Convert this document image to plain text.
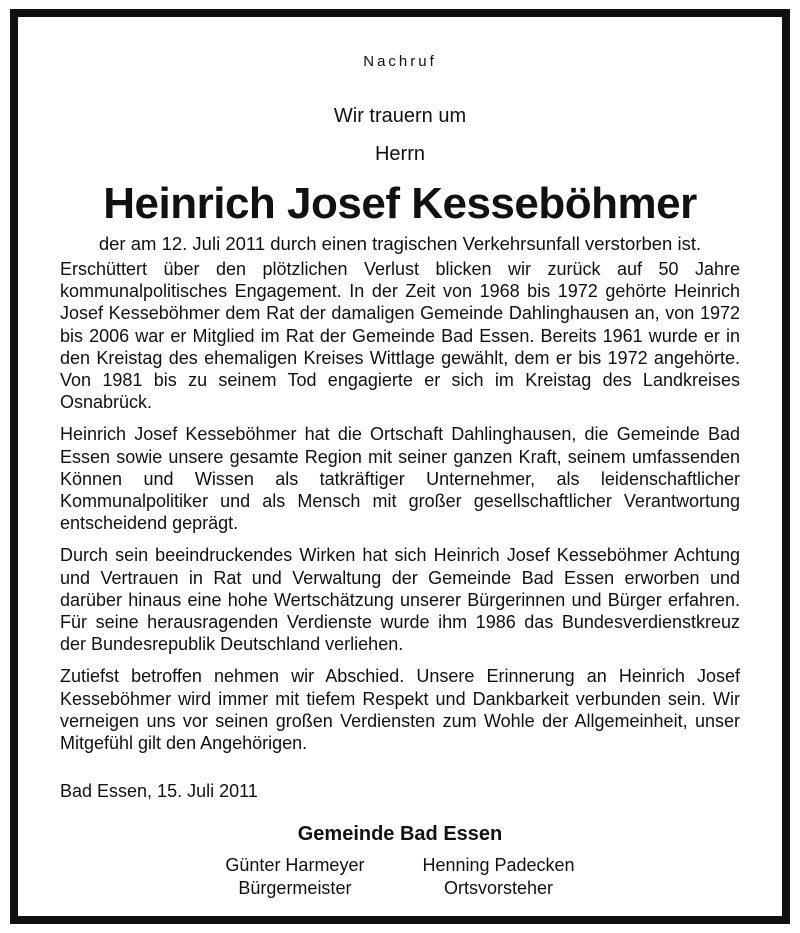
Nachruf
Wir trauern um
Herrn
Heinrich Josef Kesseböhmer
der am 12. Juli 2011 durch einen tragischen Verkehrsunfall verstorben ist.

Erschüttert über den plötzlichen Verlust blicken wir zurück auf 50 Jahre kommunalpolitisches Engagement. In der Zeit von 1968 bis 1972 gehörte Heinrich Josef Kesseböhmer dem Rat der damaligen Gemeinde Dahlinghausen an, von 1972 bis 2006 war er Mitglied im Rat der Gemeinde Bad Essen. Bereits 1961 wurde er in den Kreistag des ehemaligen Kreises Wittlage gewählt, dem er bis 1972 angehörte. Von 1981 bis zu seinem Tod engagierte er sich im Kreistag des Landkreises Osnabrück.

Heinrich Josef Kesseböhmer hat die Ortschaft Dahlinghausen, die Gemeinde Bad Essen sowie unsere gesamte Region mit seiner ganzen Kraft, seinem umfassenden Können und Wissen als tatkräftiger Unternehmer, als leidenschaftlicher Kommunalpolitiker und als Mensch mit großer gesellschaftlicher Verantwortung entscheidend geprägt.

Durch sein beeindruckendes Wirken hat sich Heinrich Josef Kesseböhmer Achtung und Vertrauen in Rat und Verwaltung der Gemeinde Bad Essen erworben und darüber hinaus eine hohe Wertschätzung unserer Bürgerinnen und Bürger erfahren. Für seine herausragenden Verdienste wurde ihm 1986 das Bundesverdienstkreuz der Bundesrepublik Deutschland verliehen.

Zutiefst betroffen nehmen wir Abschied. Unsere Erinnerung an Heinrich Josef Kesseböhmer wird immer mit tiefem Respekt und Dankbarkeit verbunden sein. Wir verneigen uns vor seinen großen Verdiensten zum Wohle der Allgemeinheit, unser Mitgefühl gilt den Angehörigen.

Bad Essen, 15. Juli 2011
Gemeinde Bad Essen
Günter Harmeyer
Bürgermeister
Henning Padecken
Ortsvorsteher
